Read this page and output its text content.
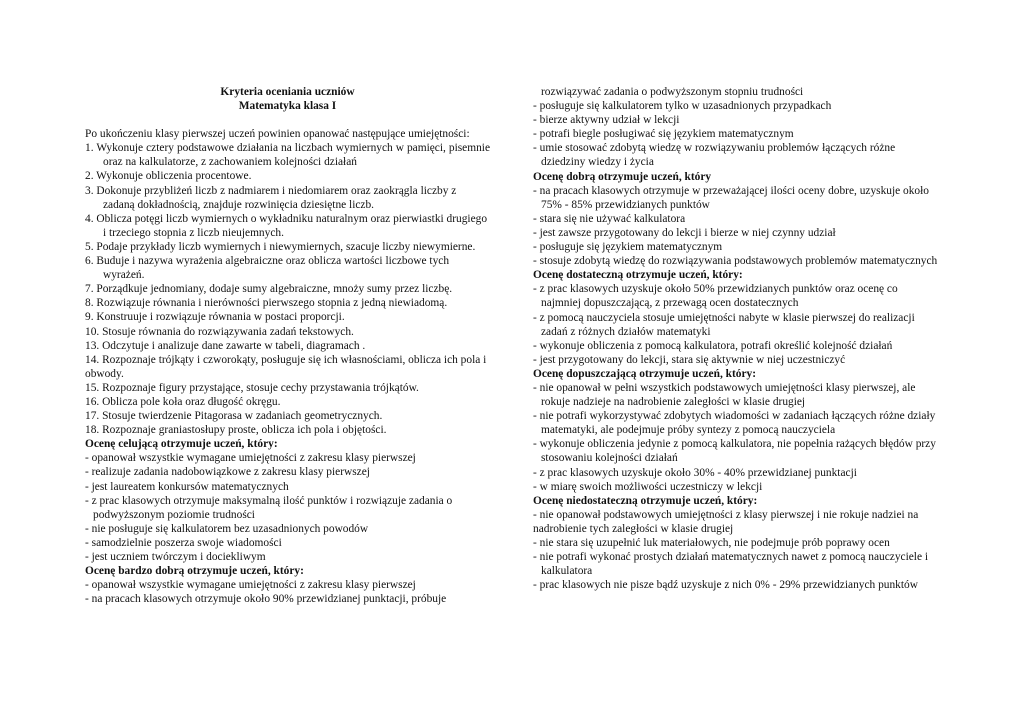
Kryteria oceniania uczniów
Matematyka klasa I
Po ukończeniu klasy pierwszej uczeń powinien opanować następujące umiejętności:
1. Wykonuje cztery podstawowe działania na liczbach wymiernych w pamięci, pisemnie oraz na kalkulatorze, z zachowaniem kolejności działań
2. Wykonuje obliczenia procentowe.
3. Dokonuje przybliżeń liczb z nadmiarem i niedomiarem oraz zaokrągla liczby z zadaną dokładnością, znajduje rozwinięcia dziesiętne liczb.
4. Oblicza potęgi liczb wymiernych o wykładniku naturalnym oraz pierwiastki drugiego i trzeciego stopnia z liczb nieujemnych.
5. Podaje przykłady liczb wymiernych i niewymiernych, szacuje liczby niewymierne.
6. Buduje i nazywa wyrażenia algebraiczne oraz oblicza wartości liczbowe tych wyrażeń.
7. Porządkuje jednomiany, dodaje sumy algebraiczne, mnoży sumy przez liczbę.
8. Rozwiązuje równania i nierówności pierwszego stopnia z jedną niewiadomą.
9. Konstruuje i rozwiązuje równania w postaci proporcji.
10. Stosuje równania do rozwiązywania zadań tekstowych.
13. Odczytuje i analizuje dane zawarte w tabeli, diagramach .
14. Rozpoznaje trójkąty i czworokąty, posługuje się ich własnościami, oblicza ich pola i obwody.
15. Rozpoznaje figury przystające, stosuje cechy przystawania trójkątów.
16. Oblicza pole koła oraz długość okręgu.
17. Stosuje twierdzenie Pitagorasa w zadaniach geometrycznych.
18. Rozpoznaje graniastosłupy proste, oblicza ich pola i objętości.
Ocenę celującą otrzymuje uczeń, który:
- opanował wszystkie wymagane umiejętności z zakresu klasy pierwszej
- realizuje zadania nadobowiązkowe z zakresu klasy pierwszej
- jest laureatem konkursów matematycznych
- z prac klasowych otrzymuje maksymalną ilość punktów i rozwiązuje zadania o podwyższonym poziomie trudności
- nie posługuje się kalkulatorem bez uzasadnionych powodów
- samodzielnie poszerza swoje wiadomości
- jest uczniem twórczym i dociekliwym
Ocenę bardzo dobrą otrzymuje uczeń, który:
- opanował wszystkie wymagane umiejętności z zakresu klasy pierwszej
- na pracach klasowych otrzymuje około 90% przewidzianej punktacji, próbuje
rozwiązywać zadania o podwyższonym stopniu trudności
- posługuje się kalkulatorem tylko w uzasadnionych przypadkach
- bierze aktywny udział w lekcji
- potrafi biegle posługiwać się językiem matematycznym
- umie stosować zdobytą wiedzę w rozwiązywaniu problemów łączących różne dziedziny wiedzy i życia
Ocenę dobrą otrzymuje uczeń, który
- na pracach klasowych otrzymuje w przeważającej ilości oceny dobre, uzyskuje około 75% - 85% przewidzianych punktów
- stara się nie używać kalkulatora
- jest zawsze przygotowany do lekcji i bierze w niej czynny udział
- posługuje się językiem matematycznym
- stosuje zdobytą wiedzę do rozwiązywania podstawowych problemów matematycznych
Ocenę dostateczną otrzymuje uczeń, który:
- z prac klasowych uzyskuje około 50% przewidzianych punktów oraz ocenę co najmniej dopuszczającą, z przewagą ocen dostatecznych
- z pomocą nauczyciela stosuje umiejętności nabyte w klasie pierwszej do realizacji zadań z różnych działów matematyki
- wykonuje obliczenia z pomocą kalkulatora, potrafi określić kolejność działań
- jest przygotowany do lekcji, stara się aktywnie w niej uczestniczyć
Ocenę dopuszczającą otrzymuje uczeń, który:
- nie opanował w pełni wszystkich podstawowych umiejętności klasy pierwszej, ale rokuje nadzieje na nadrobienie zaległości w klasie drugiej
- nie potrafi wykorzystywać zdobytych wiadomości w zadaniach łączących różne działy matematyki, ale podejmuje próby syntezy z pomocą nauczyciela
- wykonuje obliczenia jedynie z pomocą kalkulatora, nie popełnia rażących błędów przy stosowaniu kolejności działań
- z prac klasowych uzyskuje około 30% - 40% przewidzianej punktacji
- w miarę swoich możliwości uczestniczy w lekcji
Ocenę niedostateczną otrzymuje uczeń, który:
- nie opanował podstawowych umiejętności z klasy pierwszej i nie rokuje nadziei na nadrobienie tych zaległości w klasie drugiej
- nie stara się uzupełnić luk materiałowych, nie podejmuje prób poprawy ocen
- nie potrafi wykonać prostych działań matematycznych nawet z pomocą nauczyciele i kalkulatora
- prac klasowych nie pisze bądź uzyskuje z nich 0% - 29% przewidzianych punktów
